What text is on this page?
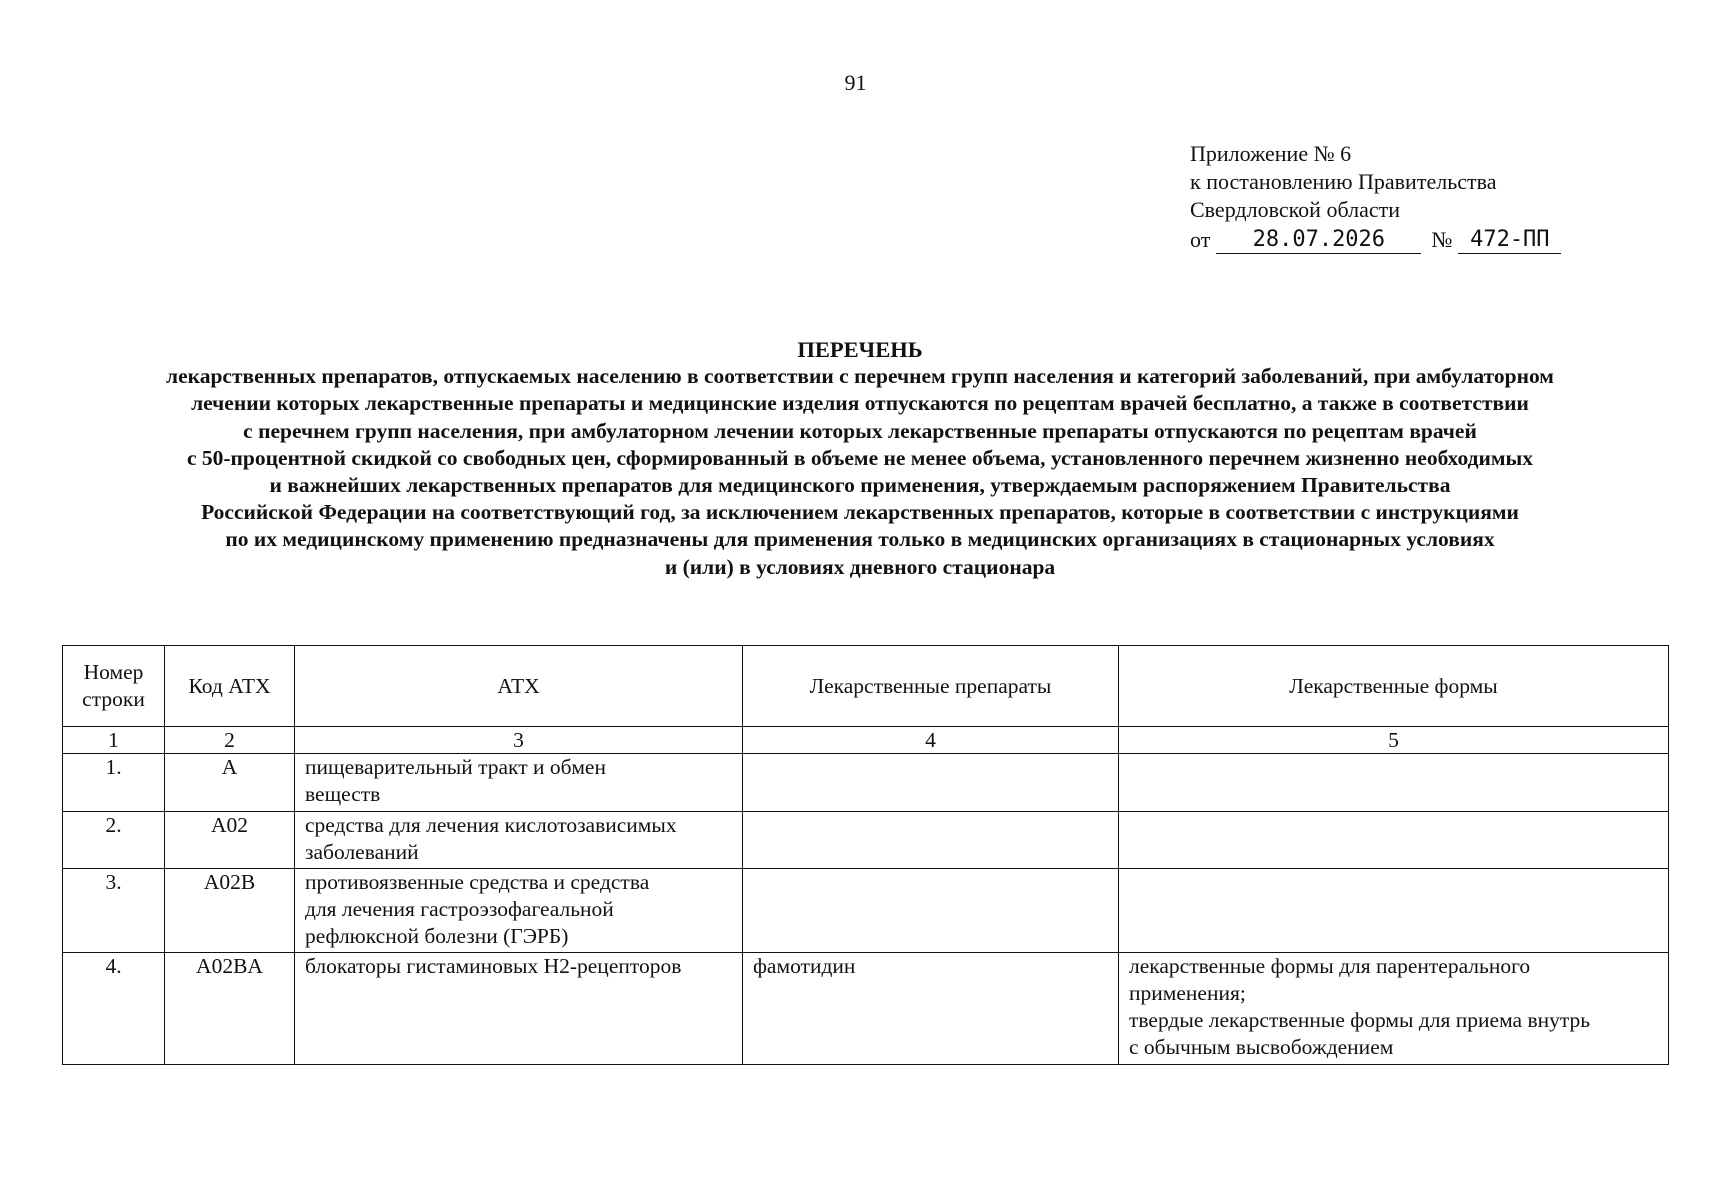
91
Приложение № 6
к постановлению Правительства
Свердловской области
от	28.07.2026	№ 472-ПП
ПЕРЕЧЕНЬ
лекарственных препаратов, отпускаемых населению в соответствии с перечнем групп населения и категорий заболеваний, при амбулаторном
лечении которых лекарственные препараты и медицинские изделия отпускаются по рецептам врачей бесплатно, а также в соответствии
с перечнем групп населения, при амбулаторном лечении которых лекарственные препараты отпускаются по рецептам врачей
с 50-процентной скидкой со свободных цен, сформированный в объеме не менее объема, установленного перечнем жизненно необходимых
и важнейших лекарственных препаратов для медицинского применения, утверждаемым распоряжением Правительства
Российской Федерации на соответствующий год, за исключением лекарственных препаратов, которые в соответствии с инструкциями
по их медицинскому применению предназначены для применения только в медицинских организациях в стационарных условиях
и (или) в условиях дневного стационара
Номер
строки	Код АТХ	АТХ	Лекарственные препараты	Лекарственные формы
1	2	3	4	5
1.	A	пищеварительный тракт и обмен
веществ		

2.	A02	средства для лечения кислотозависимых
заболеваний		

3.	A02B	противоязвенные средства и средства
для лечения гастроэзофагеальной
рефлюксной болезни (ГЭРБ)		

4.	A02BA	блокаторы гистаминовых H2-рецепторов	фамотидин	лекарственные формы для парентерального
применения;
твердые лекарственные формы для приема внутрь
с обычным высвобождением
